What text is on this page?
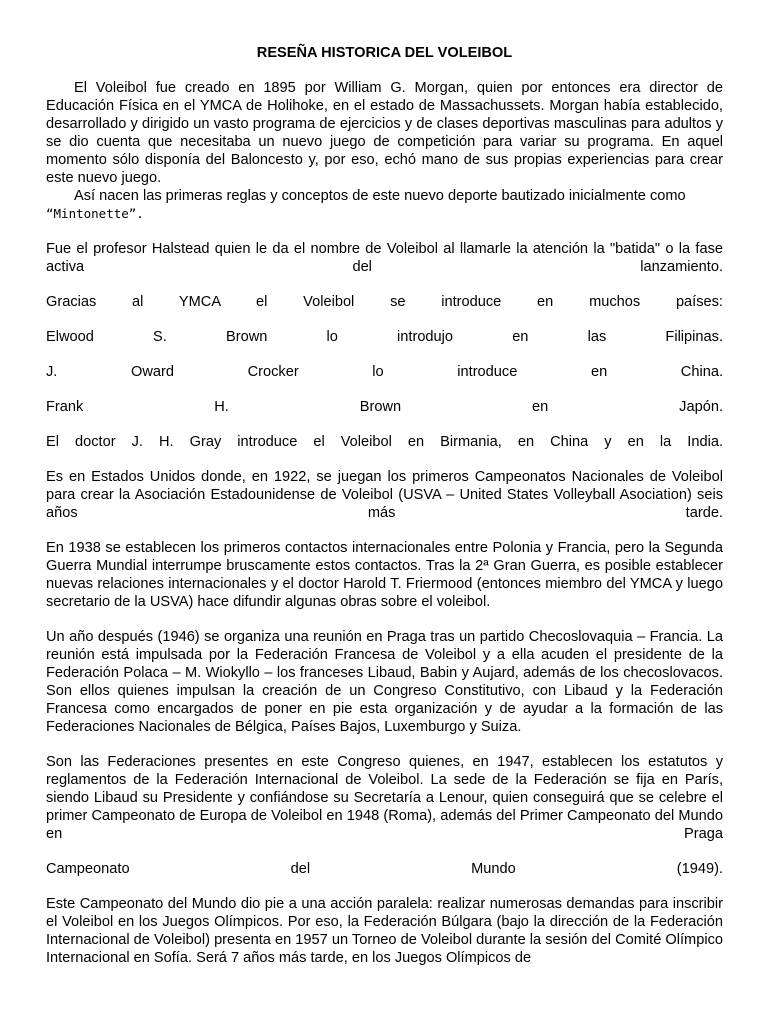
RESEÑA HISTORICA DEL VOLEIBOL

El Voleibol fue creado en 1895 por William G. Morgan, quien por entonces era director de Educación Física en el YMCA de Holihoke, en el estado de Massachussets. Morgan había establecido, desarrollado y dirigido un vasto programa de ejercicios y de clases deportivas masculinas para adultos y se dio cuenta que necesitaba un nuevo juego de competición para variar su programa. En aquel momento sólo disponía del Baloncesto y, por eso, echó mano de sus propias experiencias para crear este nuevo juego.

Así nacen las primeras reglas y conceptos de este nuevo deporte bautizado inicialmente como
“Mintonette”.

Fue el profesor Halstead quien le da el nombre de Voleibol al llamarle la atención la "batida" o la fase activa del lanzamiento.

Gracias al YMCA el Voleibol se introduce en muchos países:

Elwood S. Brown lo introdujo en las Filipinas.

J. Oward Crocker lo introduce en China.

Frank H. Brown en Japón.

El doctor J. H. Gray introduce el Voleibol en Birmania, en China y en la India.

Es en Estados Unidos donde, en 1922, se juegan los primeros Campeonatos Nacionales de Voleibol para crear la Asociación Estadounidense de Voleibol (USVA – United States Volleyball Asociation) seis años más tarde.

En 1938 se establecen los primeros contactos internacionales entre Polonia y Francia, pero la Segunda Guerra Mundial interrumpe bruscamente estos contactos. Tras la 2ª Gran Guerra, es posible establecer nuevas relaciones internacionales y el doctor Harold T. Friermood (entonces miembro del YMCA y luego secretario de la USVA) hace difundir algunas obras sobre el voleibol.

Un año después (1946) se organiza una reunión en Praga tras un partido Checoslovaquia – Francia. La reunión está impulsada por la Federación Francesa de Voleibol y a ella acuden el presidente de la Federación Polaca – M. Wiokyllo – los franceses Libaud, Babin y Aujard, además de los checoslovacos. Son ellos quienes impulsan la creación de un Congreso Constitutivo, con Libaud y la Federación Francesa como encargados de poner en pie esta organización y de ayudar a la formación de las Federaciones Nacionales de Bélgica, Países Bajos, Luxemburgo y Suiza.

Son las Federaciones presentes en este Congreso quienes, en 1947, establecen los estatutos y reglamentos de la Federación Internacional de Voleibol. La sede de la Federación se fija en París, siendo Libaud su Presidente y confiándose su Secretaría a Lenour, quien conseguirá que se celebre el primer Campeonato de Europa de Voleibol en 1948 (Roma), además del Primer Campeonato del Mundo en Praga

Campeonato del Mundo (1949).

Este Campeonato del Mundo dio pie a una acción paralela: realizar numerosas demandas para inscribir el Voleibol en los Juegos Olímpicos. Por eso, la Federación Búlgara (bajo la dirección de la Federación Internacional de Voleibol) presenta en 1957 un Torneo de Voleibol durante la sesión del Comité Olímpico Internacional en Sofía. Será 7 años más tarde, en los Juegos Olímpicos de
